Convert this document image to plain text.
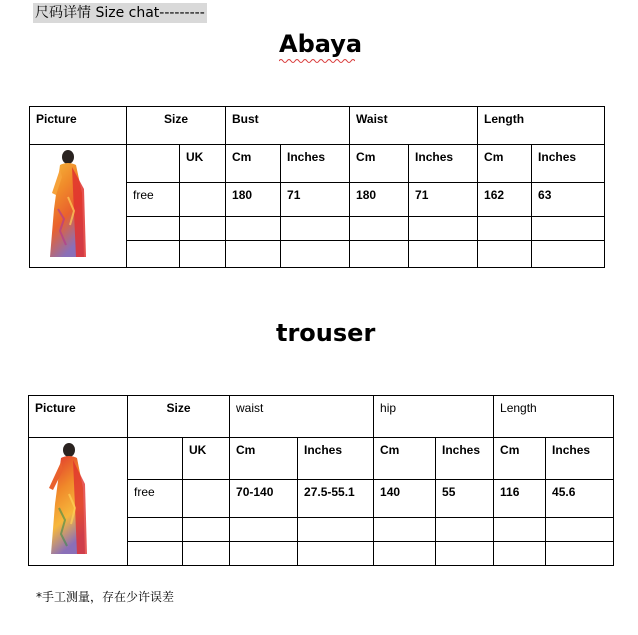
尺码详情 Size chat---------
Abaya
Picture	Size		Bust		Waist		Length	

		UK	Cm	Inches	Cm	Inches	Cm	Inches
	free		180	71	180	71	162	63

trouser
Picture	Size		waist		hip		Length	

		UK	Cm	Inches	Cm	Inches	Cm	Inches
	free		70-140	27.5-55.1	140	55	116	45.6

*手工测量，存在少许误差
